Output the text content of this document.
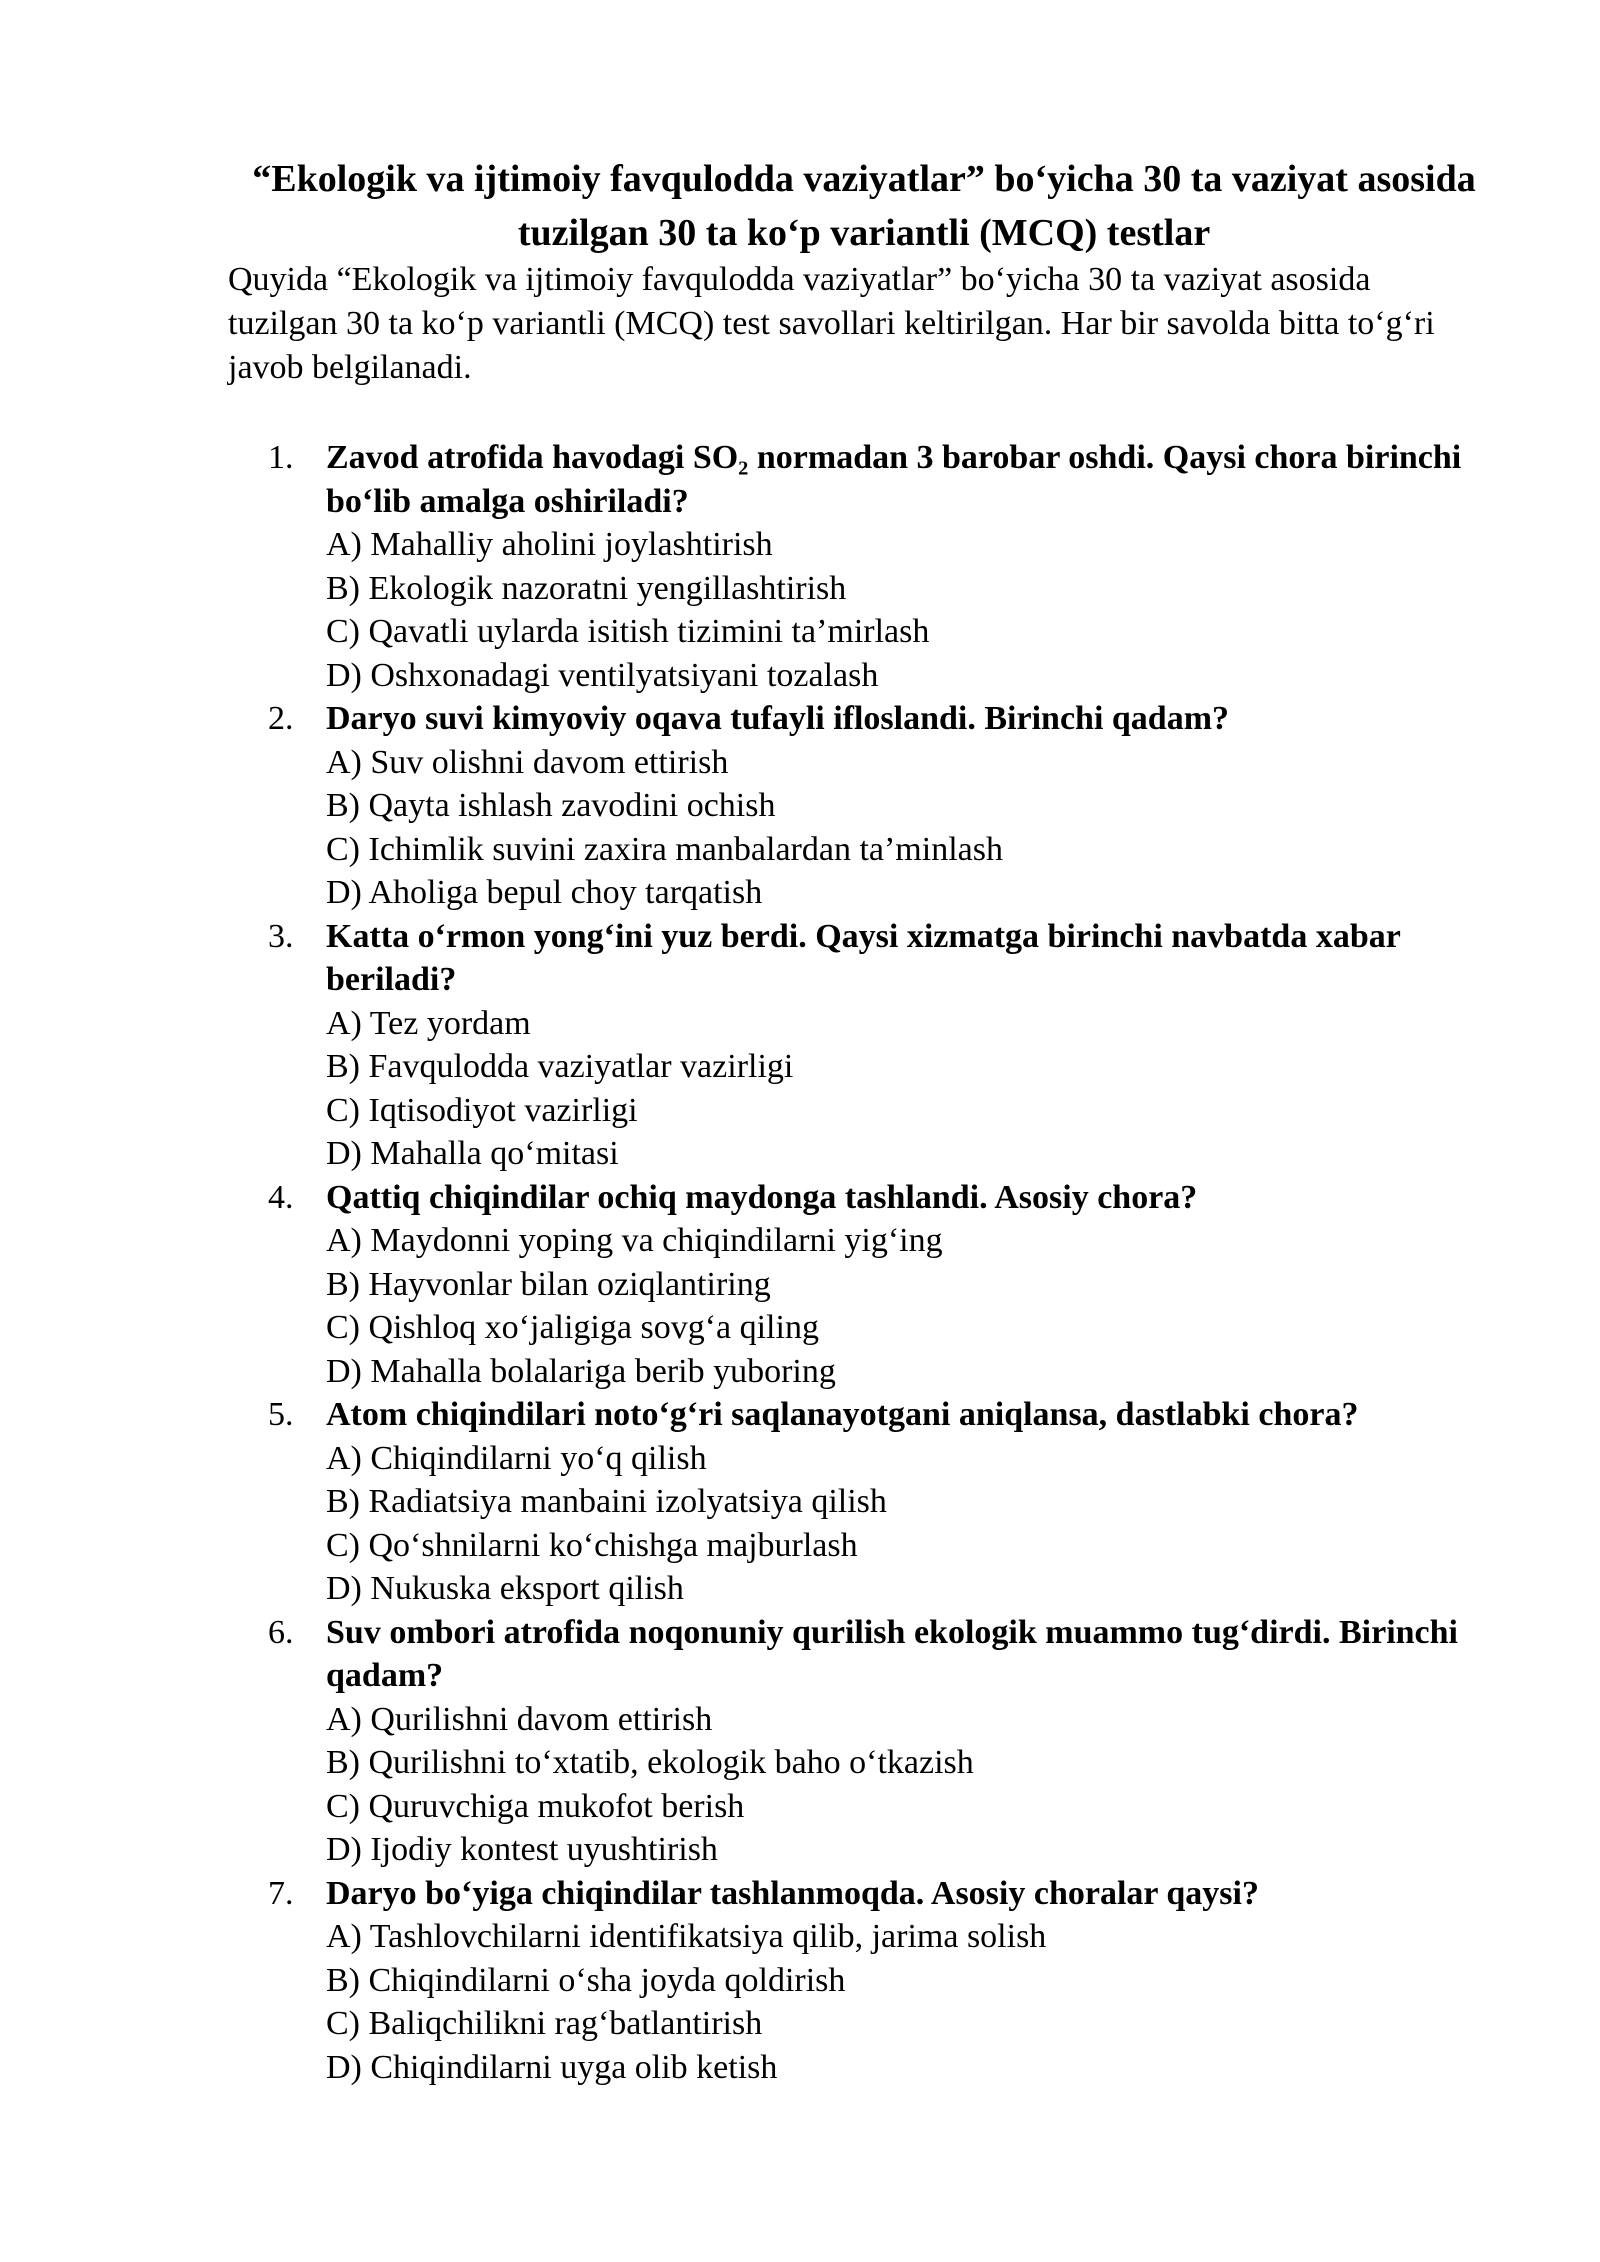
“Ekologik va ijtimoiy favqulodda vaziyatlar” bo‘yicha 30 ta vaziyat asosida tuzilgan 30 ta ko‘p variantli (MCQ) testlar

Quyida “Ekologik va ijtimoiy favqulodda vaziyatlar” bo‘yicha 30 ta vaziyat asosida tuzilgan 30 ta ko‘p variantli (MCQ) test savollari keltirilgan. Har bir savolda bitta to‘g‘ri javob belgilanadi.

1. Zavod atrofida havodagi SO₂ normadan 3 barobar oshdi. Qaysi chora birinchi bo‘lib amalga oshiriladi?

A) Mahalliy aholini joylashtirish

B) Ekologik nazoratni yengillashtirish

C) Qavatli uylarda isitish tizimini ta’mirlash

D) Oshxonadagi ventilyatsiyani tozalash

2. Daryo suvi kimyoviy oqava tufayli ifloslandi. Birinchi qadam?

A) Suv olishni davom ettirish

B) Qayta ishlash zavodini ochish

C) Ichimlik suvini zaxira manbalardan ta’minlash

D) Aholiga bepul choy tarqatish

3. Katta o‘rmon yong‘ini yuz berdi. Qaysi xizmatga birinchi navbatda xabar beriladi?

A) Tez yordam

B) Favqulodda vaziyatlar vazirligi

C) Iqtisodiyot vazirligi

D) Mahalla qo‘mitasi

4. Qattiq chiqindilar ochiq maydonga tashlandi. Asosiy chora?

A) Maydonni yoping va chiqindilarni yig‘ing

B) Hayvonlar bilan oziqlantiring

C) Qishloq xo‘jaligiga sovg‘a qiling

D) Mahalla bolalariga berib yuboring

5. Atom chiqindilari noto‘g‘ri saqlanayotgani aniqlansa, dastlabki chora?

A) Chiqindilarni yo‘q qilish

B) Radiatsiya manbaini izolyatsiya qilish

C) Qo‘shnilarni ko‘chishga majburlash

D) Nukuska eksport qilish

6. Suv ombori atrofida noqonuniy qurilish ekologik muammo tug‘dirdi. Birinchi qadam?

A) Qurilishni davom ettirish

B) Qurilishni to‘xtatib, ekologik baho o‘tkazish

C) Quruvchiga mukofot berish

D) Ijodiy kontest uyushtirish

7. Daryo bo‘yiga chiqindilar tashlanmoqda. Asosiy choralar qaysi?

A) Tashlovchilarni identifikatsiya qilib, jarima solish

B) Chiqindilarni o‘sha joyda qoldirish

C) Baliqchilikni rag‘batlantirish

D) Chiqindilarni uyga olib ketish
